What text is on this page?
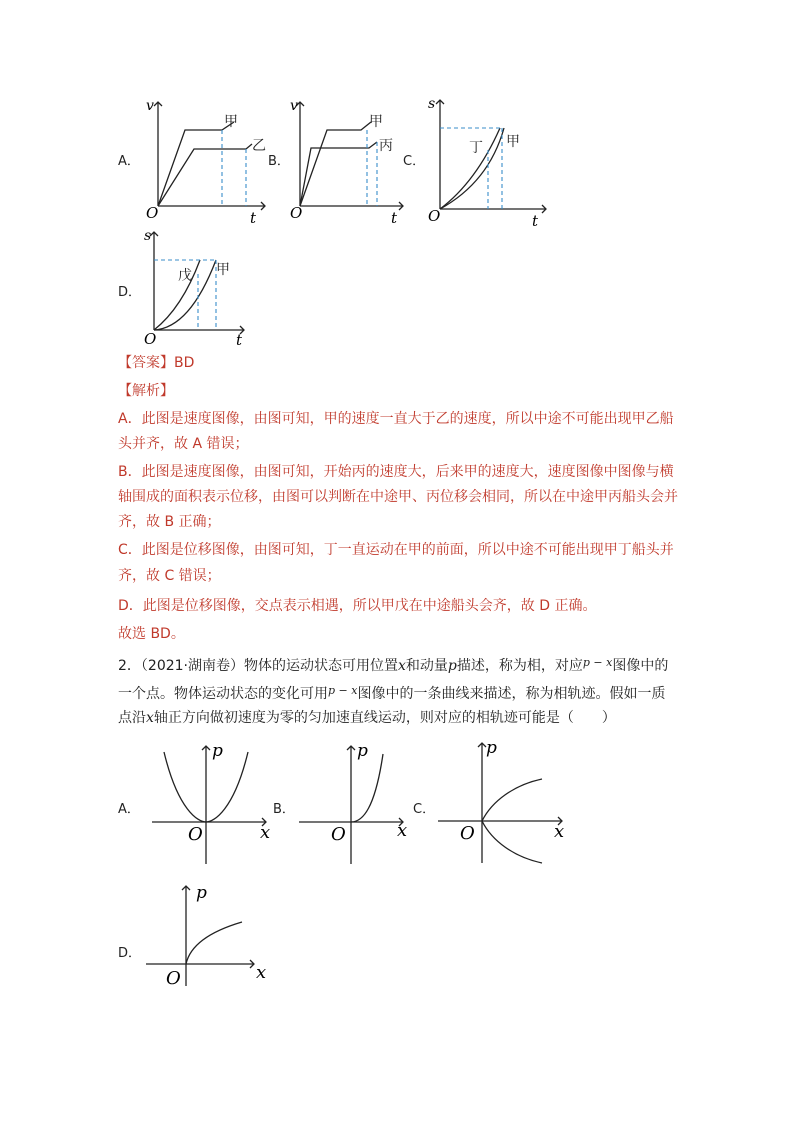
A．
v
t
O
甲
乙
B．
v
t
O
甲
丙
C．
s
t
O
丁 甲
D．
s
t
O
戊 甲
【答案】BD
【解析】
A．此图是速度图像，由图可知，甲的速度一直大于乙的速度，所以中途不可能出现甲乙船
头并齐，故 A 错误；
B．此图是速度图像，由图可知，开始丙的速度大，后来甲的速度大，速度图像中图像与横
轴围成的面积表示位移，由图可以判断在中途甲、丙位移会相同，所以在中途甲丙船头会并
齐，故 B 正确；
C．此图是位移图像，由图可知，丁一直运动在甲的前面，所以中途不可能出现甲丁船头并
齐，故 C 错误；
D．此图是位移图像，交点表示相遇，所以甲戊在中途船头会齐，故 D 正确。
故选 BD。
2．（2021·湖南卷）物体的运动状态可用位置x和动量p描述，称为相，对应$^{p - x}$图像中的
一个点。物体运动状态的变化可用$^{p - x}$图像中的一条曲线来描述，称为相轨迹。假如一质
点沿x轴正方向做初速度为零的匀加速直线运动，则对应的相轨迹可能是（　　）
A．
p
x
O
B．
p
x
O
C．
p
x
O
D．
p
x
O
